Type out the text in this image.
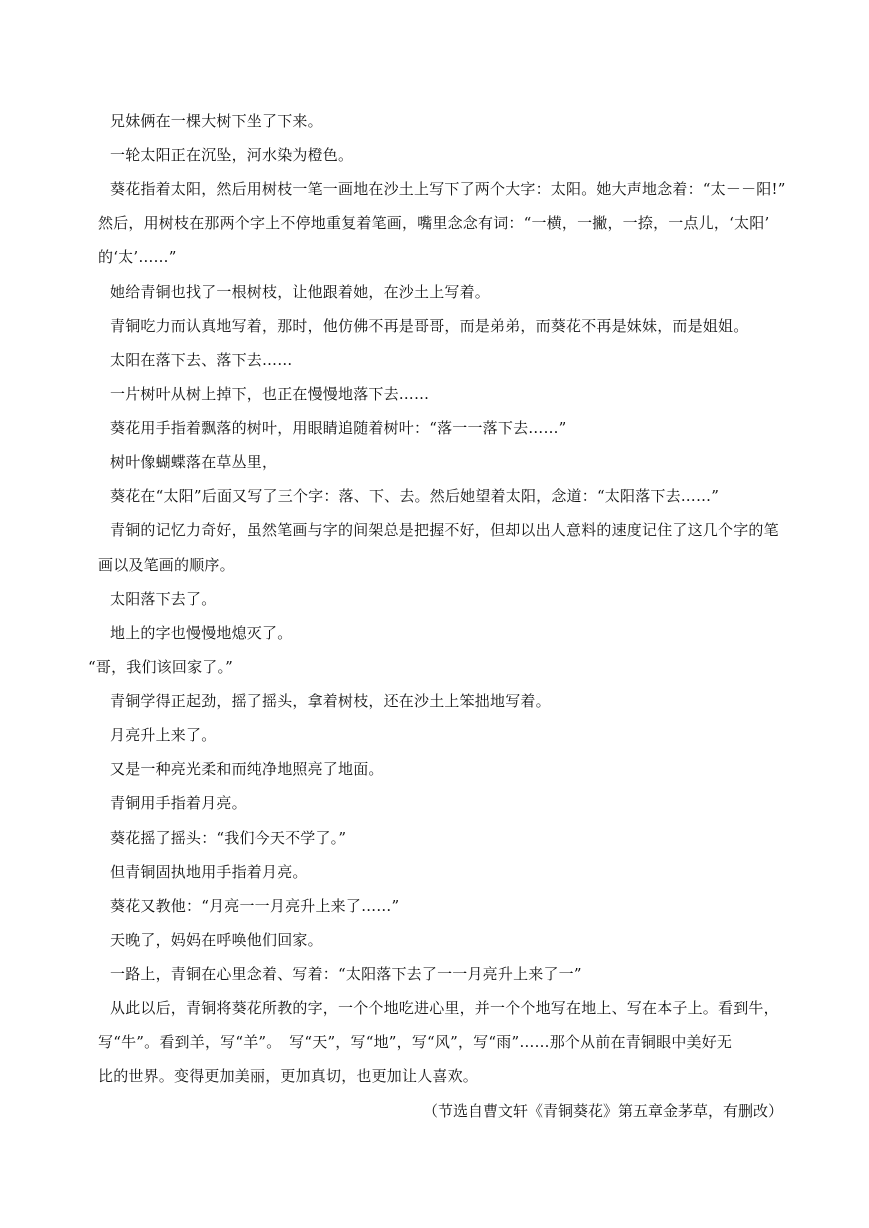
兄妹俩在一棵大树下坐了下来。
一轮太阳正在沉坠，河水染为橙色。
葵花指着太阳，然后用树枝一笔一画地在沙土上写下了两个大字：太阳。她大声地念着：“太－－阳!”
然后，用树枝在那两个字上不停地重复着笔画，嘴里念念有词：“一横，一撇，一捺，一点儿，‘太阳’
的‘太’……”
她给青铜也找了一根树枝，让他跟着她，在沙土上写着。
青铜吃力而认真地写着，那时，他仿佛不再是哥哥，而是弟弟，而葵花不再是妹妹，而是姐姐。
太阳在落下去、落下去……
一片树叶从树上掉下，也正在慢慢地落下去……
葵花用手指着飘落的树叶，用眼睛追随着树叶：“落一一落下去……”
树叶像蝴蝶落在草丛里，
葵花在“太阳”后面又写了三个字：落、下、去。然后她望着太阳，念道：“太阳落下去……”
青铜的记忆力奇好，虽然笔画与字的间架总是把握不好，但却以出人意料的速度记住了这几个字的笔
画以及笔画的顺序。
太阳落下去了。
地上的字也慢慢地熄灭了。
“哥，我们该回家了。”
青铜学得正起劲，摇了摇头，拿着树枝，还在沙土上笨拙地写着。
月亮升上来了。
又是一种亮光柔和而纯净地照亮了地面。
青铜用手指着月亮。
葵花摇了摇头：“我们今天不学了。”
但青铜固执地用手指着月亮。
葵花又教他：“月亮一一月亮升上来了……”
天晚了，妈妈在呼唤他们回家。
一路上，青铜在心里念着、写着：“太阳落下去了一一月亮升上来了一”
从此以后，青铜将葵花所教的字，一个个地吃进心里，并一个个地写在地上、写在本子上。看到牛，
写“牛”。看到羊，写“羊”。　写“天”，写“地”，写“风”，写“雨”……那个从前在青铜眼中美好无
比的世界。变得更加美丽，更加真切，也更加让人喜欢。
（节选自曹文轩《青铜葵花》第五章金茅草，有删改）
